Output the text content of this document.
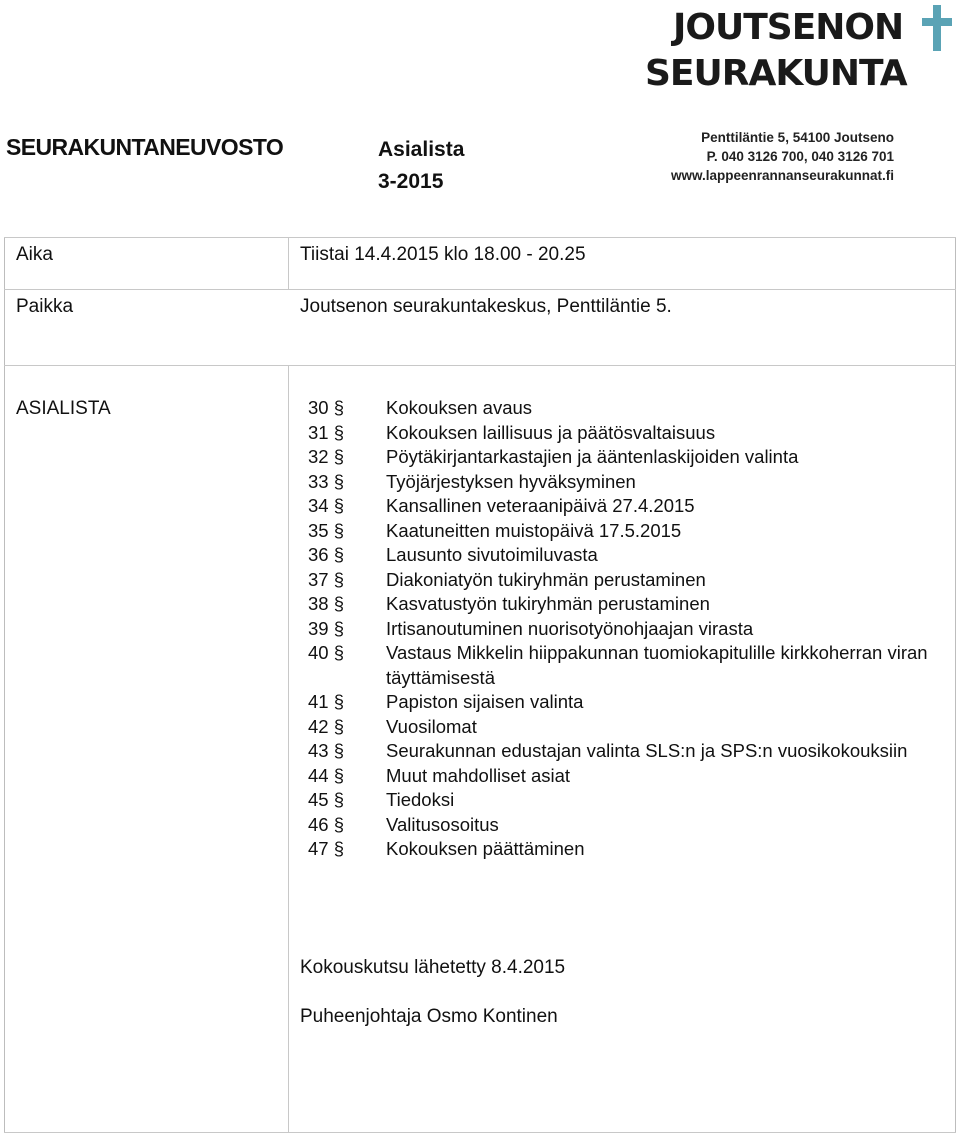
SEURAKUNTANEUVOSTO	Asialista
3-2015
JOUTSENON
SEURAKUNTA
Penttiläntie 5, 54100 Joutseno
P. 040 3126 700, 040 3126 701
www.lappeenrannanseurakunnat.fi
Aika	Tiistai 14.4.2015 klo 18.00 - 20.25
Paikka	Joutsenon seurakuntakeskus, Penttiläntie 5.
ASIALISTA	30 §	Kokouksen avaus
31 §	Kokouksen laillisuus ja päätösvaltaisuus
32 §	Pöytäkirjantarkastajien ja ääntenlaskijoiden valinta
33 §	Työjärjestyksen hyväksyminen
34 §	Kansallinen veteraanipäivä 27.4.2015
35 §	Kaatuneitten muistopäivä 17.5.2015
36 §	Lausunto sivutoimiluvasta
37 §	Diakoniatyön tukiryhmän perustaminen
38 §	Kasvatustyön tukiryhmän perustaminen
39 §	Irtisanoutuminen nuorisotyönohjaajan virasta
40 §	Vastaus Mikkelin hiippakunnan tuomiokapitulille kirkkoherran viran täyttämisestä
41 §	Papiston sijaisen valinta
42 §	Vuosilomat
43 §	Seurakunnan edustajan valinta SLS:n ja SPS:n vuosikokouksiin
44 §	Muut mahdolliset asiat
45 §	Tiedoksi
46 §	Valitusosoitus
47 §	Kokouksen päättäminen
Kokouskutsu lähetetty 8.4.2015
Puheenjohtaja Osmo Kontinen
